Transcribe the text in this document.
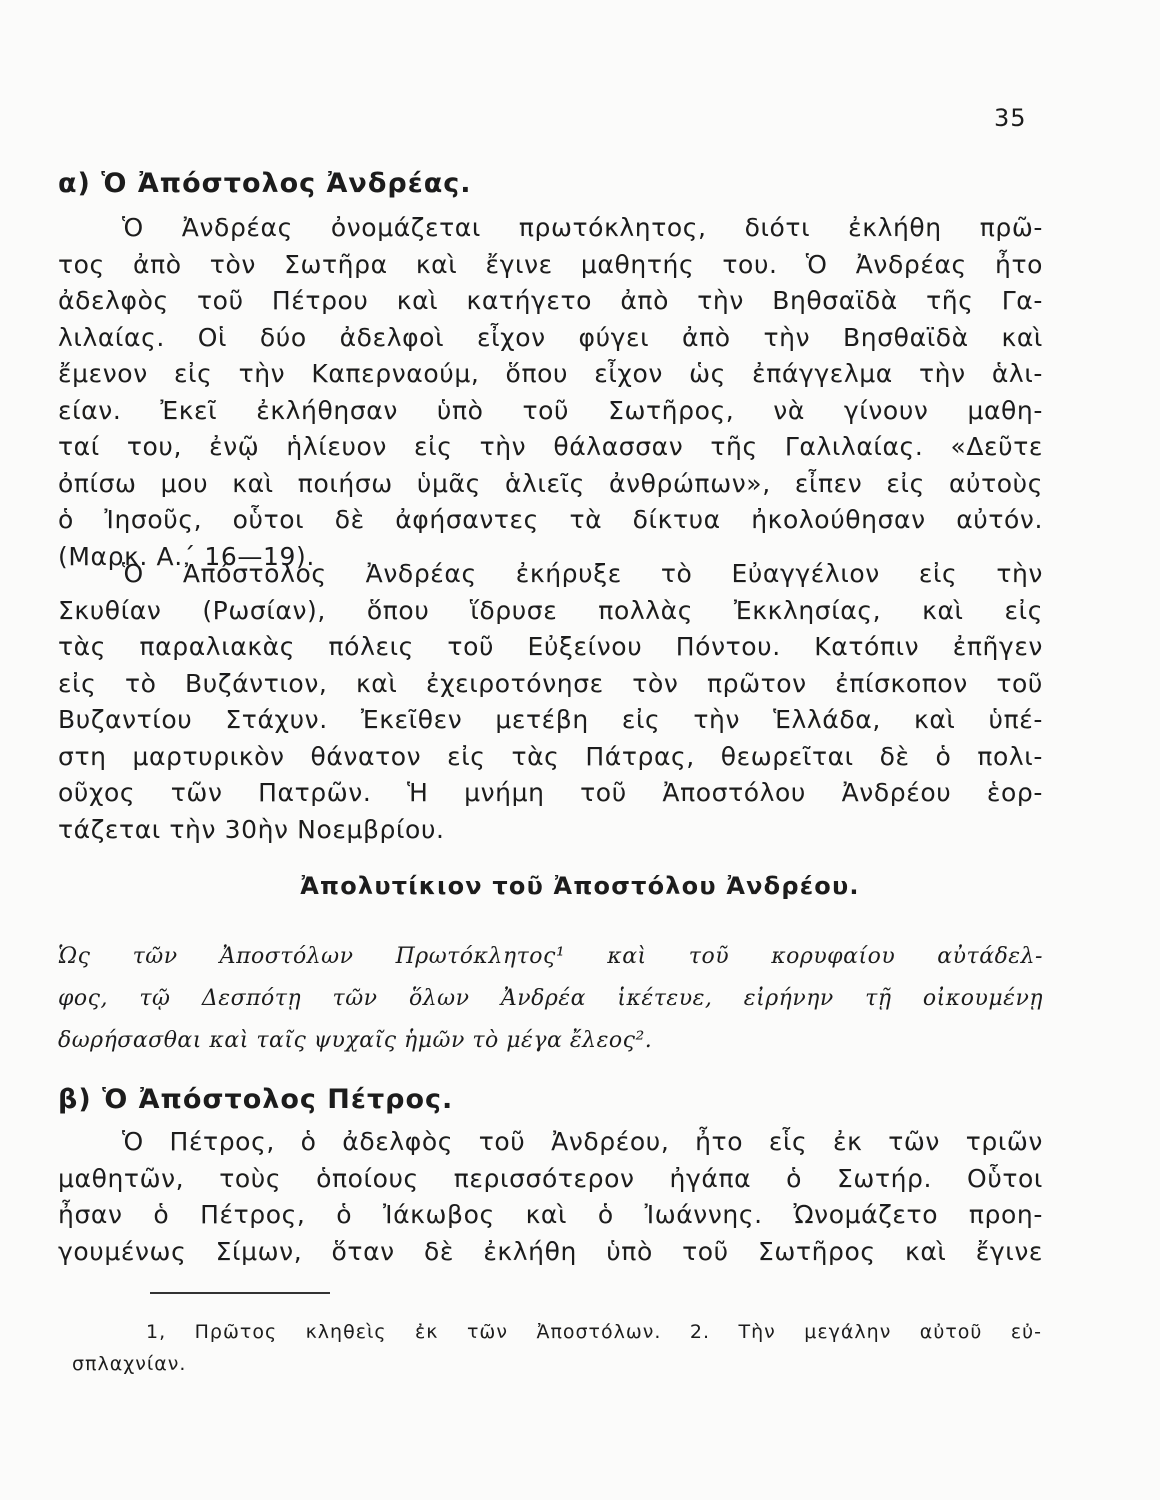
35
α) Ὁ Ἀπόστολος Ἀνδρέας.
Ὁ Ἀνδρέας ὀνομάζεται πρωτόκλητος, διότι ἐκλήθη πρῶ-
τος ἀπὸ τὸν Σωτῆρα καὶ ἔγινε μαθητής του. Ὁ Ἀνδρέας ἦτο
ἀδελφὸς τοῦ Πέτρου καὶ κατήγετο ἀπὸ τὴν Βηθσαϊδὰ τῆς Γα-
λιλαίας. Οἱ δύο ἀδελφοὶ εἶχον φύγει ἀπὸ τὴν Βησθαϊδὰ καὶ
ἔμενον εἰς τὴν Καπερναούμ, ὅπου εἶχον ὡς ἐπάγγελμα τὴν ἁλι-
είαν. Ἐκεῖ ἐκλήθησαν ὑπὸ τοῦ Σωτῆρος, νὰ γίνουν μαθη-
ταί του, ἐνῷ ἡλίευον εἰς τὴν θάλασσαν τῆς Γαλιλαίας. «Δεῦτε
ὀπίσω μου καὶ ποιήσω ὑμᾶς ἁλιεῖς ἀνθρώπων», εἶπεν εἰς αὐτοὺς
ὁ Ἰησοῦς, οὗτοι δὲ ἀφήσαντες τὰ δίκτυα ἠκολούθησαν αὐτόν.
(Μαρκ. Α.΄ 16—19).
Ὁ Ἀπόστολος Ἀνδρέας ἐκήρυξε τὸ Εὐαγγέλιον εἰς τὴν
Σκυθίαν (Ρωσίαν), ὅπου ἵδρυσε πολλὰς Ἐκκλησίας, καὶ εἰς
τὰς παραλιακὰς πόλεις τοῦ Εὐξείνου Πόντου. Κατόπιν ἐπῆγεν
εἰς τὸ Βυζάντιον, καὶ ἐχειροτόνησε τὸν πρῶτον ἐπίσκοπον τοῦ
Βυζαντίου Στάχυν. Ἐκεῖθεν μετέβη εἰς τὴν Ἑλλάδα, καὶ ὑπέ-
στη μαρτυρικὸν θάνατον εἰς τὰς Πάτρας, θεωρεῖται δὲ ὁ πολι-
οῦχος τῶν Πατρῶν. Ἡ μνήμη τοῦ Ἀποστόλου Ἀνδρέου ἑορ-
τάζεται τὴν 30ὴν Νοεμβρίου.
Ἀπολυτίκιον τοῦ Ἀποστόλου Ἀνδρέου.
Ὡς τῶν Ἀποστόλων Πρωτόκλητος¹ καὶ τοῦ κορυφαίου αὐτάδελ-
φος, τῷ Δεσπότῃ τῶν ὅλων Ἀνδρέα ἱκέτευε, εἰρήνην τῇ οἰκουμένῃ
δωρήσασθαι καὶ ταῖς ψυχαῖς ἡμῶν τὸ μέγα ἔλεος².
β) Ὁ Ἀπόστολος Πέτρος.
Ὁ Πέτρος, ὁ ἀδελφὸς τοῦ Ἀνδρέου, ἦτο εἷς ἐκ τῶν τριῶν
μαθητῶν, τοὺς ὁποίους περισσότερον ἠγάπα ὁ Σωτήρ. Οὗτοι
ἦσαν ὁ Πέτρος, ὁ Ἰάκωβος καὶ ὁ Ἰωάννης. Ὠνομάζετο προη-
γουμένως Σίμων, ὅταν δὲ ἐκλήθη ὑπὸ τοῦ Σωτῆρος καὶ ἔγινε
1, Πρῶτος κληθεὶς ἐκ τῶν Ἀποστόλων. 2. Τὴν μεγάλην αὐτοῦ εὐ-
σπλαχνίαν.
